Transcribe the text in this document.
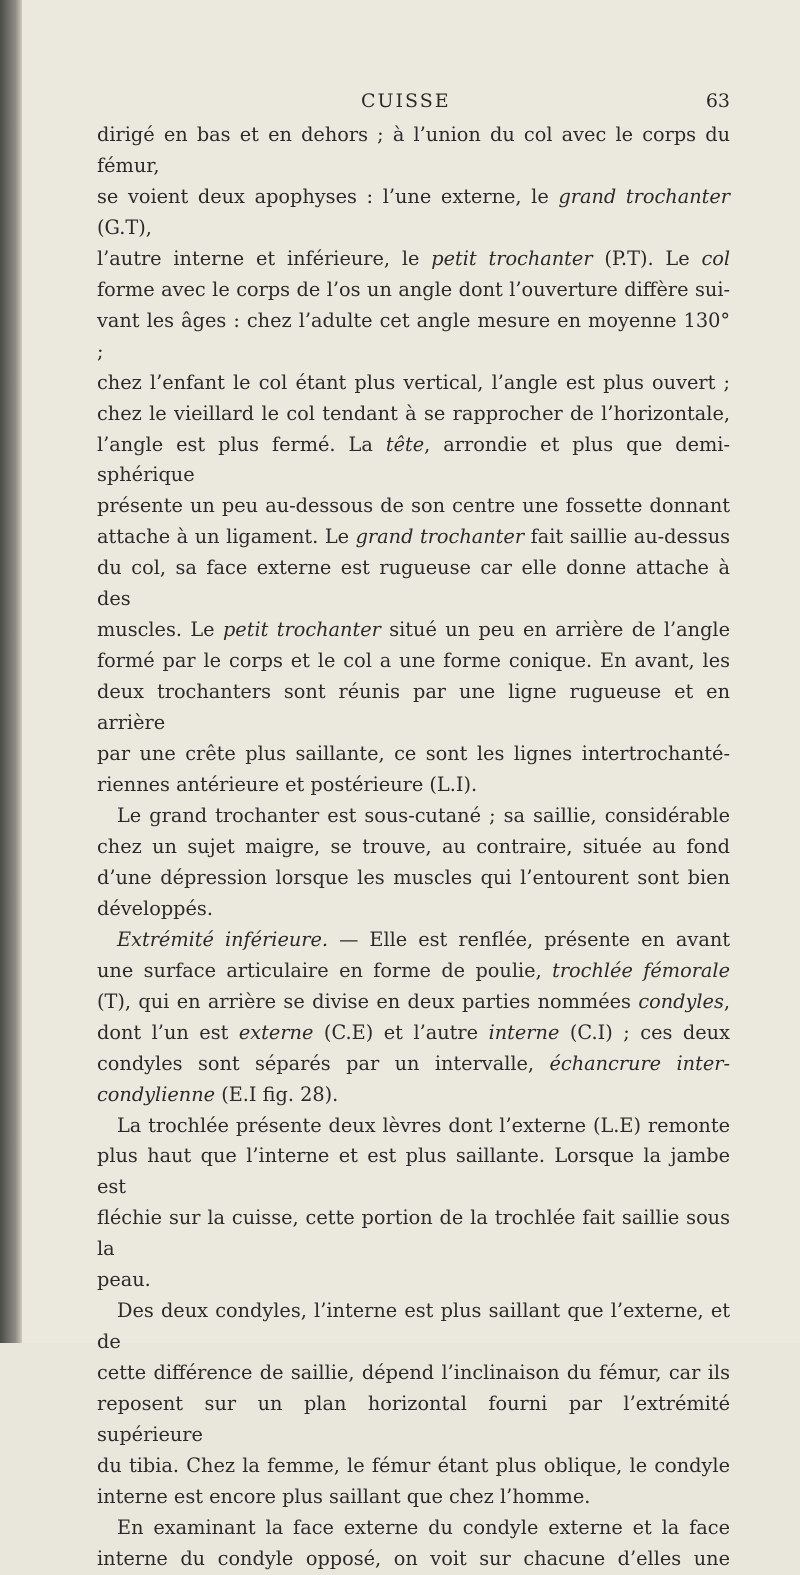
CUISSE	63

dirigé en bas et en dehors ; à l’union du col avec le corps du fémur,

se voient deux apophyses : l’une externe, le grand trochanter (G.T),

l’autre interne et inférieure, le petit trochanter (P.T). Le col

forme avec le corps de l’os un angle dont l’ouverture diffère sui-

vant les âges : chez l’adulte cet angle mesure en moyenne 130° ;

chez l’enfant le col étant plus vertical, l’angle est plus ouvert ;

chez le vieillard le col tendant à se rapprocher de l’horizontale,

l’angle est plus fermé. La tête, arrondie et plus que demi-sphérique

présente un peu au-dessous de son centre une fossette donnant

attache à un ligament. Le grand trochanter fait saillie au-dessus

du col, sa face externe est rugueuse car elle donne attache à des

muscles. Le petit trochanter situé un peu en arrière de l’angle

formé par le corps et le col a une forme conique. En avant, les

deux trochanters sont réunis par une ligne rugueuse et en arrière

par une crête plus saillante, ce sont les lignes intertrochanté-

riennes antérieure et postérieure (L.I).

Le grand trochanter est sous-cutané ; sa saillie, considérable

chez un sujet maigre, se trouve, au contraire, située au fond

d’une dépression lorsque les muscles qui l’entourent sont bien

développés.

Extrémité inférieure. — Elle est renflée, présente en avant

une surface articulaire en forme de poulie, trochlée fémorale

(T), qui en arrière se divise en deux parties nommées condyles,

dont l’un est externe (C.E) et l’autre interne (C.I) ; ces deux

condyles sont séparés par un intervalle, échancrure inter-

condylienne (E.I fig. 28).

La trochlée présente deux lèvres dont l’externe (L.E) remonte

plus haut que l’interne et est plus saillante. Lorsque la jambe est

fléchie sur la cuisse, cette portion de la trochlée fait saillie sous la

peau.

Des deux condyles, l’interne est plus saillant que l’externe, et de

cette différence de saillie, dépend l’inclinaison du fémur, car ils

reposent sur un plan horizontal fourni par l’extrémité supérieure

du tibia. Chez la femme, le fémur étant plus oblique, le condyle

interne est encore plus saillant que chez l’homme.

En examinant la face externe du condyle externe et la face

interne du condyle opposé, on voit sur chacune d’elles une
